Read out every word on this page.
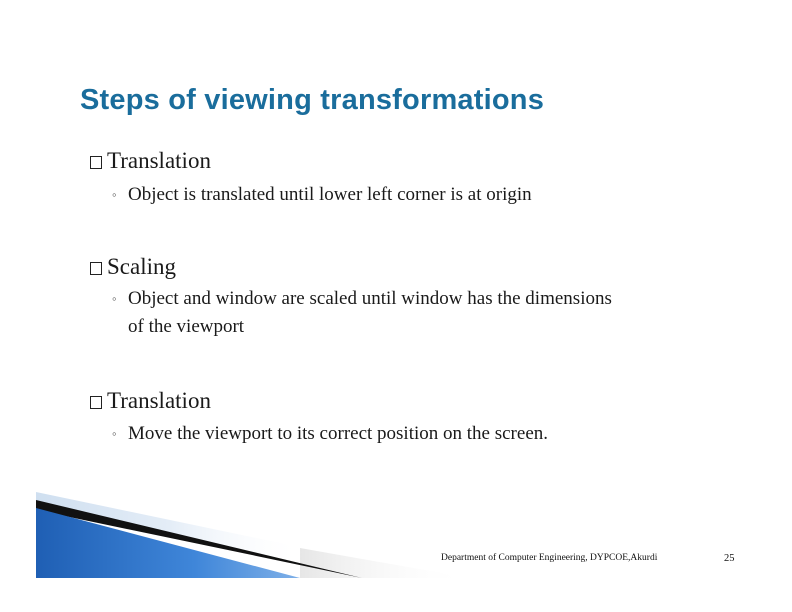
Steps of viewing transformations
Translation
◦ Object is translated until lower left corner is at origin
Scaling
◦ Object and window are scaled until window has the dimensions of the viewport
Translation
◦ Move the viewport to its correct position on the screen.
Department of Computer Engineering, DYPCOE,Akurdi	25
